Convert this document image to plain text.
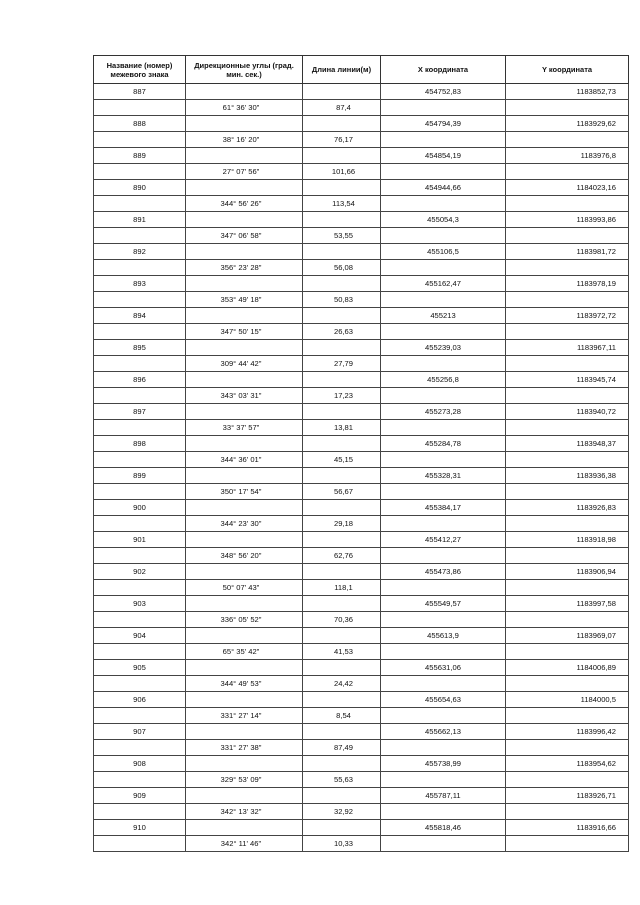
Название (номер) межевого знака	Дирекционные углы (град. мин. сек.)	Длина линии(м)	X координата	Y координата
887			454752,83	1183852,73
	61° 36' 30"	87,4		
888			454794,39	1183929,62
	38° 16' 20"	76,17		
889			454854,19	1183976,8
	27° 07' 56"	101,66		
890			454944,66	1184023,16
	344° 56' 26"	113,54		
891			455054,3	1183993,86
	347° 06' 58"	53,55		
892			455106,5	1183981,72
	356° 23' 28"	56,08		
893			455162,47	1183978,19
	353° 49' 18"	50,83		
894			455213	1183972,72
	347° 50' 15"	26,63		
895			455239,03	1183967,11
	309° 44' 42"	27,79		
896			455256,8	1183945,74
	343° 03' 31"	17,23		
897			455273,28	1183940,72
	33° 37' 57"	13,81		
898			455284,78	1183948,37
	344° 36' 01"	45,15		
899			455328,31	1183936,38
	350° 17' 54"	56,67		
900			455384,17	1183926,83
	344° 23' 30"	29,18		
901			455412,27	1183918,98
	348° 56' 20"	62,76		
902			455473,86	1183906,94
	50° 07' 43"	118,1		
903			455549,57	1183997,58
	336° 05' 52"	70,36		
904			455613,9	1183969,07
	65° 35' 42"	41,53		
905			455631,06	1184006,89
	344° 49' 53"	24,42		
906			455654,63	1184000,5
	331° 27' 14"	8,54		
907			455662,13	1183996,42
	331° 27' 38"	87,49		
908			455738,99	1183954,62
	329° 53' 09"	55,63		
909			455787,11	1183926,71
	342° 13' 32"	32,92		
910			455818,46	1183916,66
	342° 11' 46"	10,33		
